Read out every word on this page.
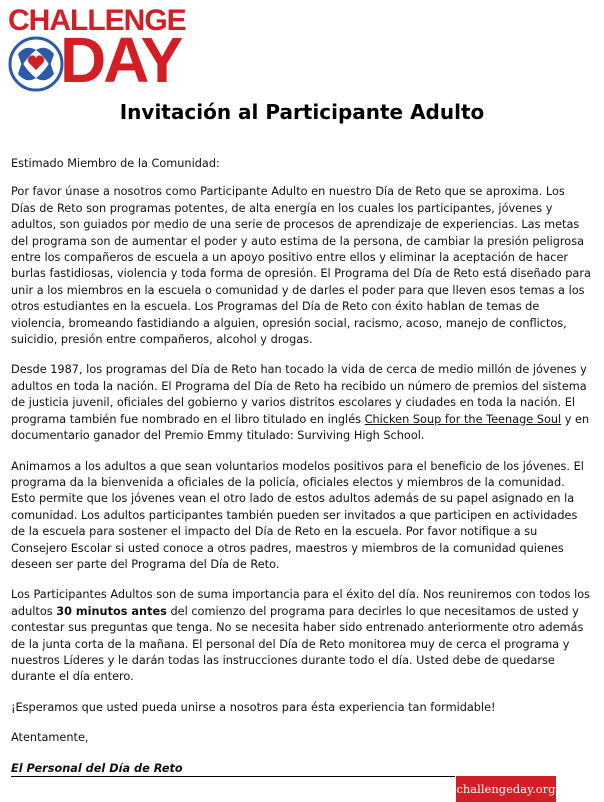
CHALLENGE
DAY
Invitación al Participante Adulto

Estimado Miembro de la Comunidad:

Por favor únase a nosotros como Participante Adulto en nuestro Día de Reto que se aproxima. Los Días de Reto son programas potentes, de alta energía en los cuales los participantes, jóvenes y adultos, son guiados por medio de una serie de procesos de aprendizaje de experiencias. Las metas del programa son de aumentar el poder y auto estima de la persona, de cambiar la presión peligrosa entre los compañeros de escuela a un apoyo positivo entre ellos y eliminar la aceptación de hacer burlas fastidiosas, violencia y toda forma de opresión. El Programa del Día de Reto está diseñado para unir a los miembros en la escuela o comunidad y de darles el poder para que lleven esos temas a los otros estudiantes en la escuela. Los Programas del Día de Reto con éxito hablan de temas de violencia, bromeando fastidiando a alguien, opresión social, racismo, acoso, manejo de conflictos, suicidio, presión entre compañeros, alcohol y drogas.

Desde 1987, los programas del Día de Reto han tocado la vida de cerca de medio millón de jóvenes y adultos en toda la nación. El Programa del Día de Reto ha recibido un número de premios del sistema de justicia juvenil, oficiales del gobierno y varios distritos escolares y ciudades en toda la nación. El programa también fue nombrado en el libro titulado en inglés Chicken Soup for the Teenage Soul y en documentario ganador del Premio Emmy titulado: Surviving High School.

Animamos a los adultos a que sean voluntarios modelos positivos para el beneficio de los jóvenes. El programa da la bienvenida a oficiales de la policía, oficiales electos y miembros de la comunidad. Esto permite que los jóvenes vean el otro lado de estos adultos además de su papel asignado en la comunidad. Los adultos participantes también pueden ser invitados a que participen en actividades de la escuela para sostener el impacto del Día de Reto en la escuela. Por favor notifique a su Consejero Escolar si usted conoce a otros padres, maestros y miembros de la comunidad quienes deseen ser parte del Programa del Día de Reto.

Los Participantes Adultos son de suma importancia para el éxito del día. Nos reuniremos con todos los adultos 30 minutos antes del comienzo del programa para decirles lo que necesitamos de usted y contestar sus preguntas que tenga. No se necesita haber sido entrenado anteriormente otro además de la junta corta de la mañana. El personal del Día de Reto monitorea muy de cerca el programa y nuestros Líderes y le darán todas las instrucciones durante todo el día. Usted debe de quedarse durante el día entero.

¡Esperamos que usted pueda unirse a nosotros para ésta experiencia tan formidable!

Atentamente,

El Personal del Día de Reto

challengeday.org
